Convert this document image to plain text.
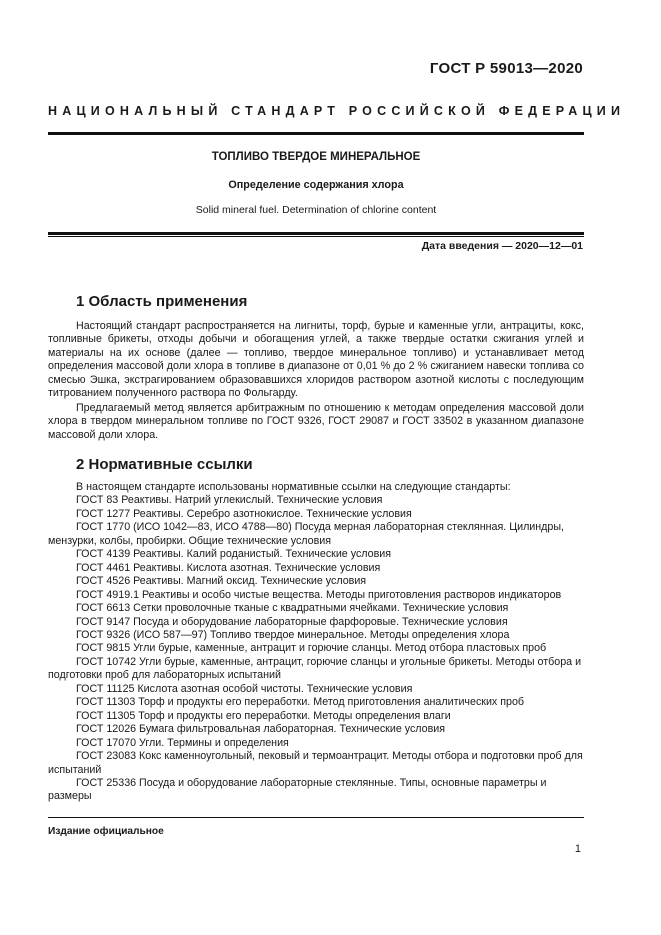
ГОСТ Р 59013—2020
НАЦИОНАЛЬНЫЙ СТАНДАРТ РОССИЙСКОЙ ФЕДЕРАЦИИ
ТОПЛИВО ТВЕРДОЕ МИНЕРАЛЬНОЕ
Определение содержания хлора
Solid mineral fuel. Determination of chlorine content
Дата введения — 2020—12—01
1 Область применения

Настоящий стандарт распространяется на лигниты, торф, бурые и каменные угли, антрациты, кокс, топливные брикеты, отходы добычи и обогащения углей, а также твердые остатки сжигания углей и материалы на их основе (далее — топливо, твердое минеральное топливо) и устанавливает метод определения массовой доли хлора в топливе в диапазоне от 0,01 % до 2 % сжиганием навески топлива со смесью Эшка, экстрагированием образовавшихся хлоридов раствором азотной кислоты с последующим титрованием полученного раствора по Фольгарду.

Предлагаемый метод является арбитражным по отношению к методам определения массовой доли хлора в твердом минеральном топливе по ГОСТ 9326, ГОСТ 29087 и ГОСТ 33502 в указанном диапазоне массовой доли хлора.

2 Нормативные ссылки

В настоящем стандарте использованы нормативные ссылки на следующие стандарты:

ГОСТ 83 Реактивы. Натрий углекислый. Технические условия

ГОСТ 1277 Реактивы. Серебро азотнокислое. Технические условия

ГОСТ 1770 (ИСО 1042—83, ИСО 4788—80) Посуда мерная лабораторная стеклянная. Цилиндры, мензурки, колбы, пробирки. Общие технические условия

ГОСТ 4139 Реактивы. Калий роданистый. Технические условия

ГОСТ 4461 Реактивы. Кислота азотная. Технические условия

ГОСТ 4526 Реактивы. Магний оксид. Технические условия

ГОСТ 4919.1 Реактивы и особо чистые вещества. Методы приготовления растворов индикаторов

ГОСТ 6613 Сетки проволочные тканые с квадратными ячейками. Технические условия

ГОСТ 9147 Посуда и оборудование лабораторные фарфоровые. Технические условия

ГОСТ 9326 (ИСО 587—97) Топливо твердое минеральное. Методы определения хлора

ГОСТ 9815 Угли бурые, каменные, антрацит и горючие сланцы. Метод отбора пластовых проб

ГОСТ 10742 Угли бурые, каменные, антрацит, горючие сланцы и угольные брикеты. Методы отбора и подготовки проб для лабораторных испытаний

ГОСТ 11125 Кислота азотная особой чистоты. Технические условия

ГОСТ 11303 Торф и продукты его переработки. Метод приготовления аналитических проб

ГОСТ 11305 Торф и продукты его переработки. Методы определения влаги

ГОСТ 12026 Бумага фильтровальная лабораторная. Технические условия

ГОСТ 17070 Угли. Термины и определения

ГОСТ 23083 Кокс каменноугольный, пековый и термоантрацит. Методы отбора и подготовки проб для испытаний

ГОСТ 25336 Посуда и оборудование лабораторные стеклянные. Типы, основные параметры и размеры

Издание официальное
1
